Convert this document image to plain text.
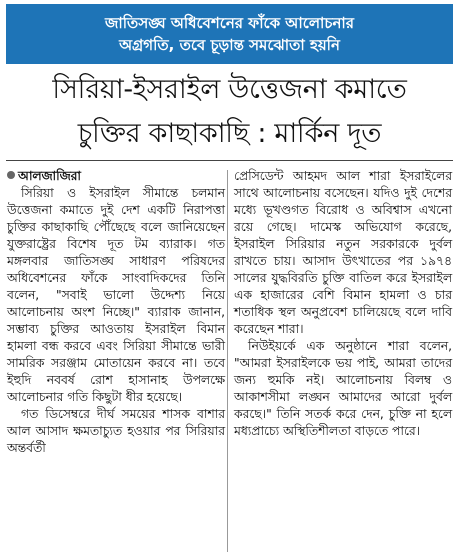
জাতিসঙ্ঘ অধিবেশনের ফাঁকে আলোচনার
অগ্রগতি, তবে চূড়ান্ত সমঝোতা হয়নি
সিরিয়া-ইসরাইল উত্তেজনা কমাতে
চুক্তির কাছাকাছি : মার্কিন দূত

আলজাজিরা

সিরিয়া ও ইসরাইল সীমান্তে চলমান উত্তেজনা কমাতে দুই দেশ একটি নিরাপত্তা চুক্তির কাছাকাছি পৌঁছেছে বলে জানিয়েছেন যুক্তরাষ্ট্রের বিশেষ দূত টম ব্যারাক। গত মঙ্গলবার জাতিসঙ্ঘ সাধারণ পরিষদের অধিবেশনের ফাঁকে সাংবাদিকদের তিনি বলেন, "সবাই ভালো উদ্দেশ্য নিয়ে আলোচনায় অংশ নিচ্ছে।" ব্যারাক জানান, সম্ভাব্য চুক্তির আওতায় ইসরাইল বিমান হামলা বন্ধ করবে এবং সিরিয়া সীমান্তে ভারী সামরিক সরঞ্জাম মোতায়েন করবে না। তবে ইহুদি নববর্ষ রোশ হাসানাহ উপলক্ষে আলোচনার গতি কিছুটা ধীর হয়েছে।

গত ডিসেম্বরে দীর্ঘ সময়ের শাসক বাশার আল আসাদ ক্ষমতাচ্যুত হওয়ার পর সিরিয়ার অন্তর্বর্তী

প্রেসিডেন্ট আহমদ আল শারা ইসরাইলের সাথে আলোচনায় বসেছেন। যদিও দুই দেশের মধ্যে ভূখণ্ডগত বিরোধ ও অবিশ্বাস এখনো রয়ে গেছে। দামেস্ক অভিযোগ করেছে, ইসরাইল সিরিয়ার নতুন সরকারকে দুর্বল রাখতে চায়। আসাদ উৎখাতের পর ১৯৭৪ সালের যুদ্ধবিরতি চুক্তি বাতিল করে ইসরাইল এক হাজারের বেশি বিমান হামলা ও চার শতাধিক স্থল অনুপ্রবেশ চালিয়েছে বলে দাবি করেছেন শারা।

নিউইয়র্কে এক অনুষ্ঠানে শারা বলেন, "আমরা ইসরাইলকে ভয় পাই, আমরা তাদের জন্য হুমকি নই। আলোচনায় বিলম্ব ও আকাশসীমা লঙ্ঘন আমাদের আরো দুর্বল করছে।" তিনি সতর্ক করে দেন, চুক্তি না হলে মধ্যপ্রাচ্যে অস্থিতিশীলতা বাড়তে পারে।
